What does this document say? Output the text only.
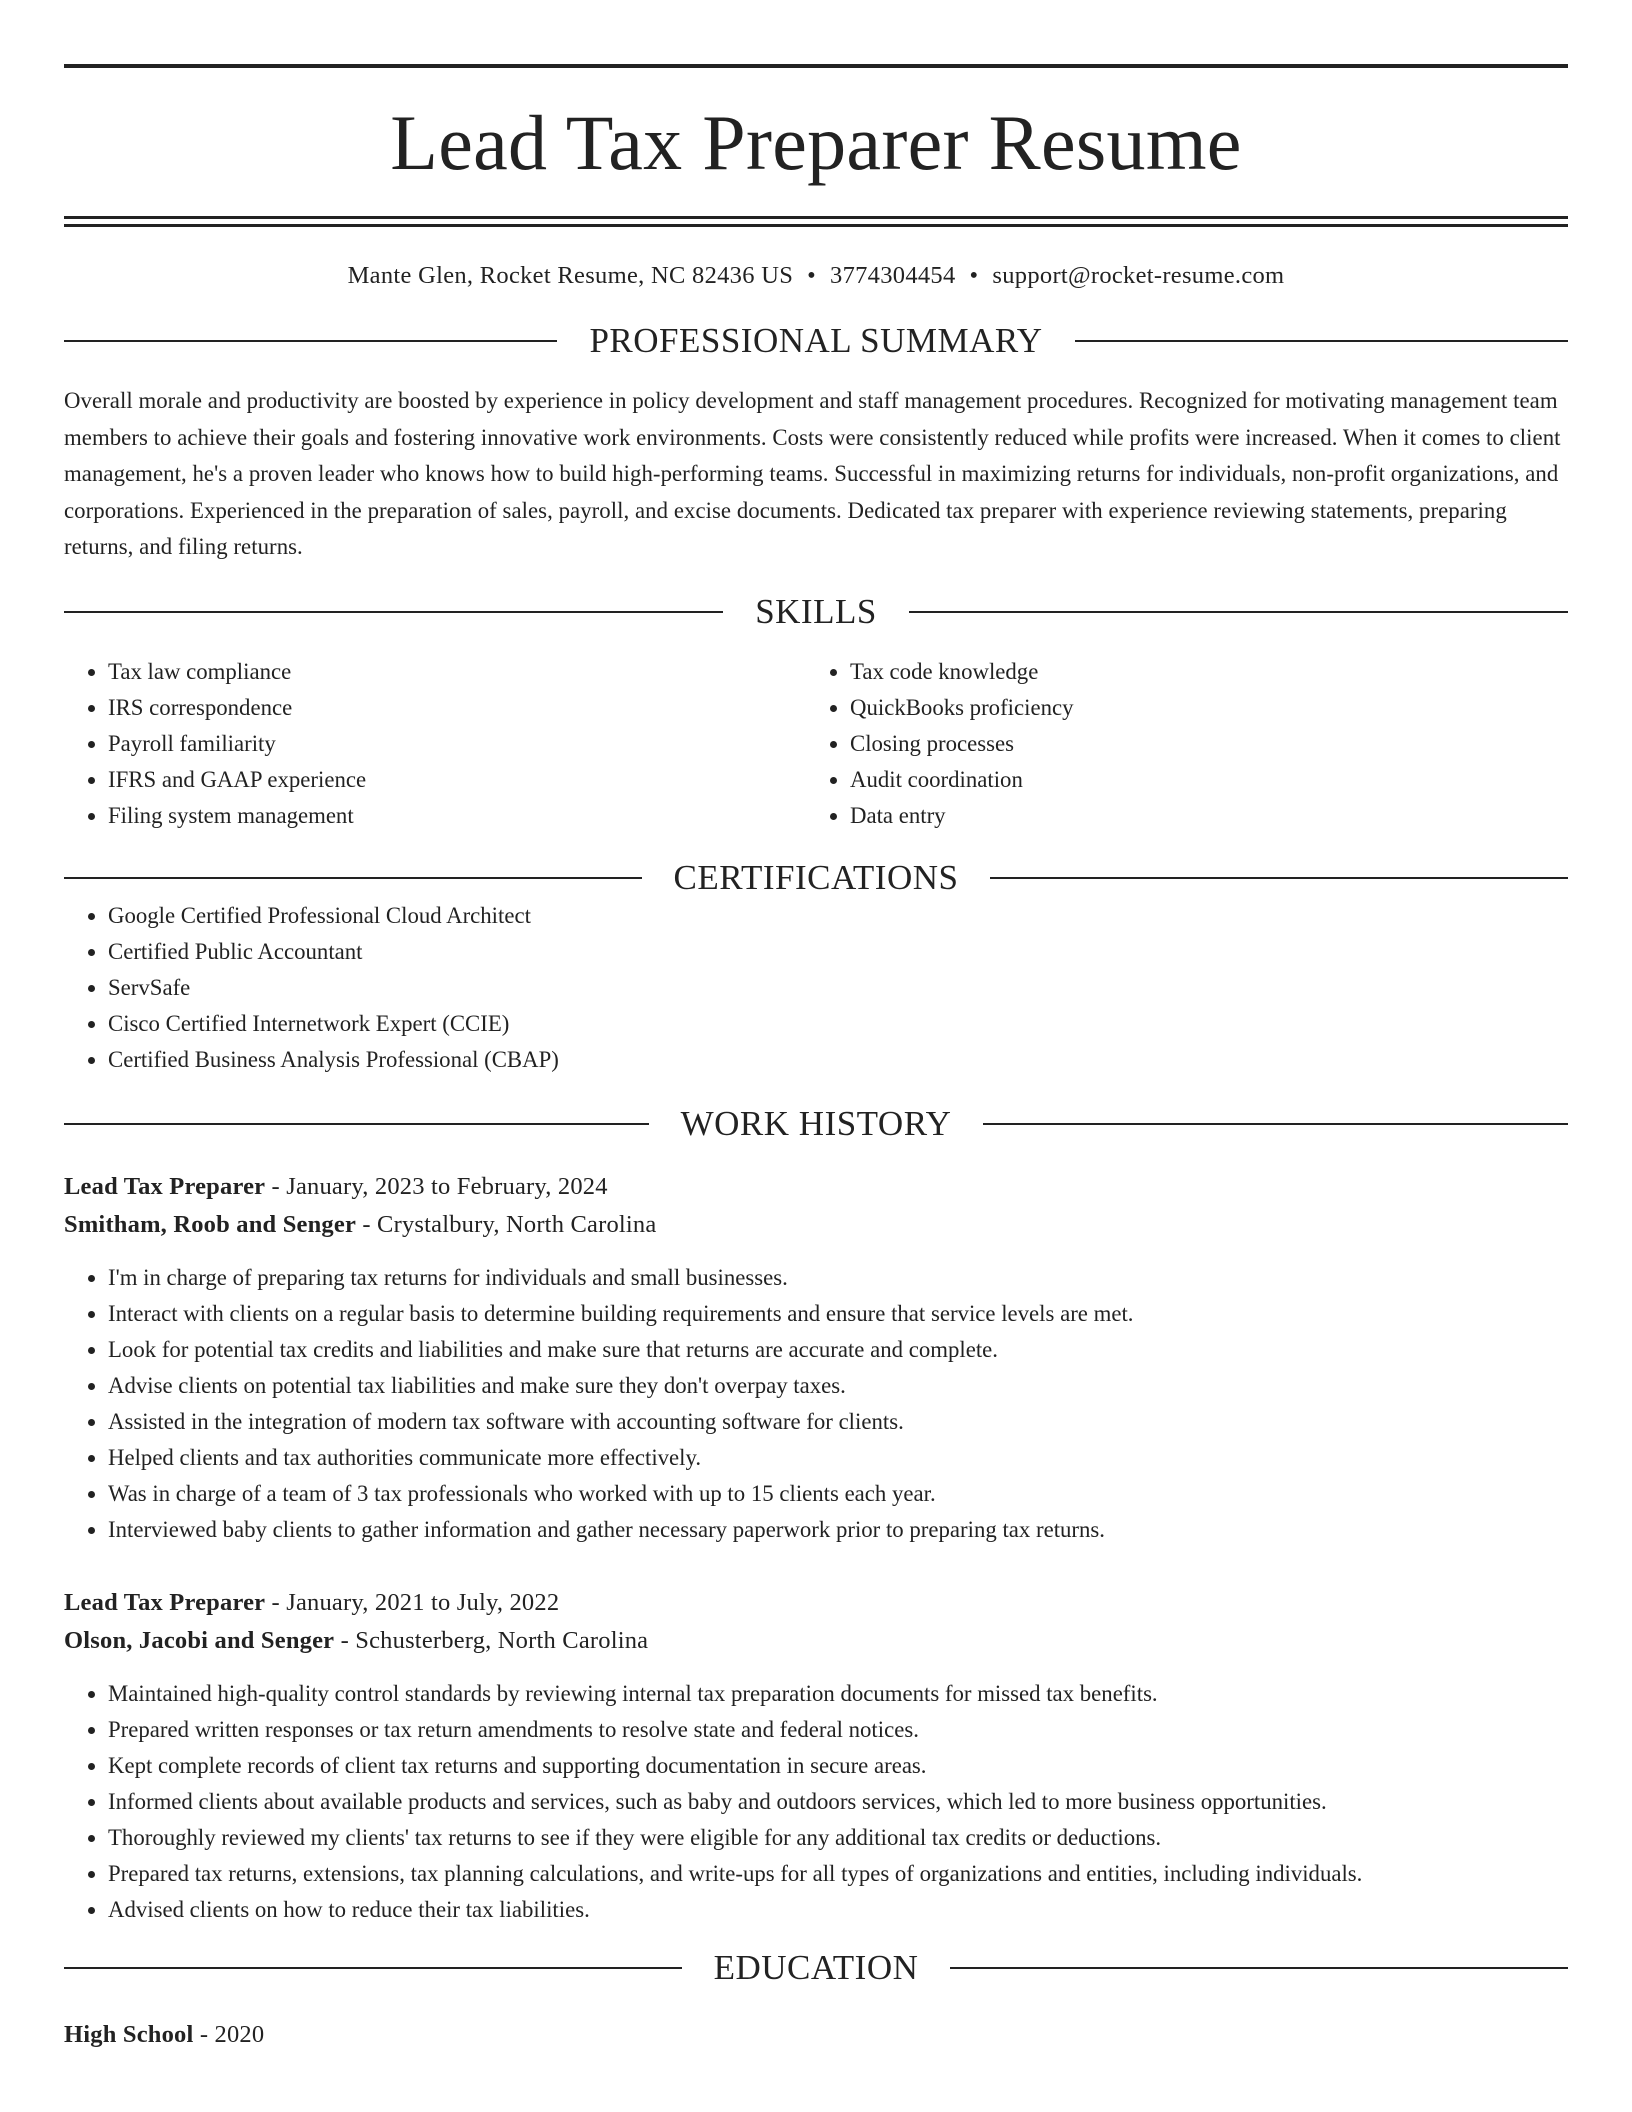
Lead Tax Preparer Resume
Mante Glen, Rocket Resume, NC 82436 US • 3774304454 • support@rocket-resume.com
PROFESSIONAL SUMMARY

Overall morale and productivity are boosted by experience in policy development and staff management procedures. Recognized for motivating management team members to achieve their goals and fostering innovative work environments. Costs were consistently reduced while profits were increased. When it comes to client management, he's a proven leader who knows how to build high-performing teams. Successful in maximizing returns for individuals, non-profit organizations, and corporations. Experienced in the preparation of sales, payroll, and excise documents. Dedicated tax preparer with experience reviewing statements, preparing returns, and filing returns.

SKILLS
• Tax law compliance
• IRS correspondence
• Payroll familiarity
• IFRS and GAAP experience
• Filing system management
• Tax code knowledge
• QuickBooks proficiency
• Closing processes
• Audit coordination
• Data entry
CERTIFICATIONS
• Google Certified Professional Cloud Architect
• Certified Public Accountant
• ServSafe
• Cisco Certified Internetwork Expert (CCIE)
• Certified Business Analysis Professional (CBAP)
WORK HISTORY
Lead Tax Preparer - January, 2023 to February, 2024
Smitham, Roob and Senger - Crystalbury, North Carolina
• I'm in charge of preparing tax returns for individuals and small businesses.
• Interact with clients on a regular basis to determine building requirements and ensure that service levels are met.
• Look for potential tax credits and liabilities and make sure that returns are accurate and complete.
• Advise clients on potential tax liabilities and make sure they don't overpay taxes.
• Assisted in the integration of modern tax software with accounting software for clients.
• Helped clients and tax authorities communicate more effectively.
• Was in charge of a team of 3 tax professionals who worked with up to 15 clients each year.
• Interviewed baby clients to gather information and gather necessary paperwork prior to preparing tax returns.
Lead Tax Preparer - January, 2021 to July, 2022
Olson, Jacobi and Senger - Schusterberg, North Carolina
• Maintained high-quality control standards by reviewing internal tax preparation documents for missed tax benefits.
• Prepared written responses or tax return amendments to resolve state and federal notices.
• Kept complete records of client tax returns and supporting documentation in secure areas.
• Informed clients about available products and services, such as baby and outdoors services, which led to more business opportunities.
• Thoroughly reviewed my clients' tax returns to see if they were eligible for any additional tax credits or deductions.
• Prepared tax returns, extensions, tax planning calculations, and write-ups for all types of organizations and entities, including individuals.
• Advised clients on how to reduce their tax liabilities.
EDUCATION
High School - 2020
